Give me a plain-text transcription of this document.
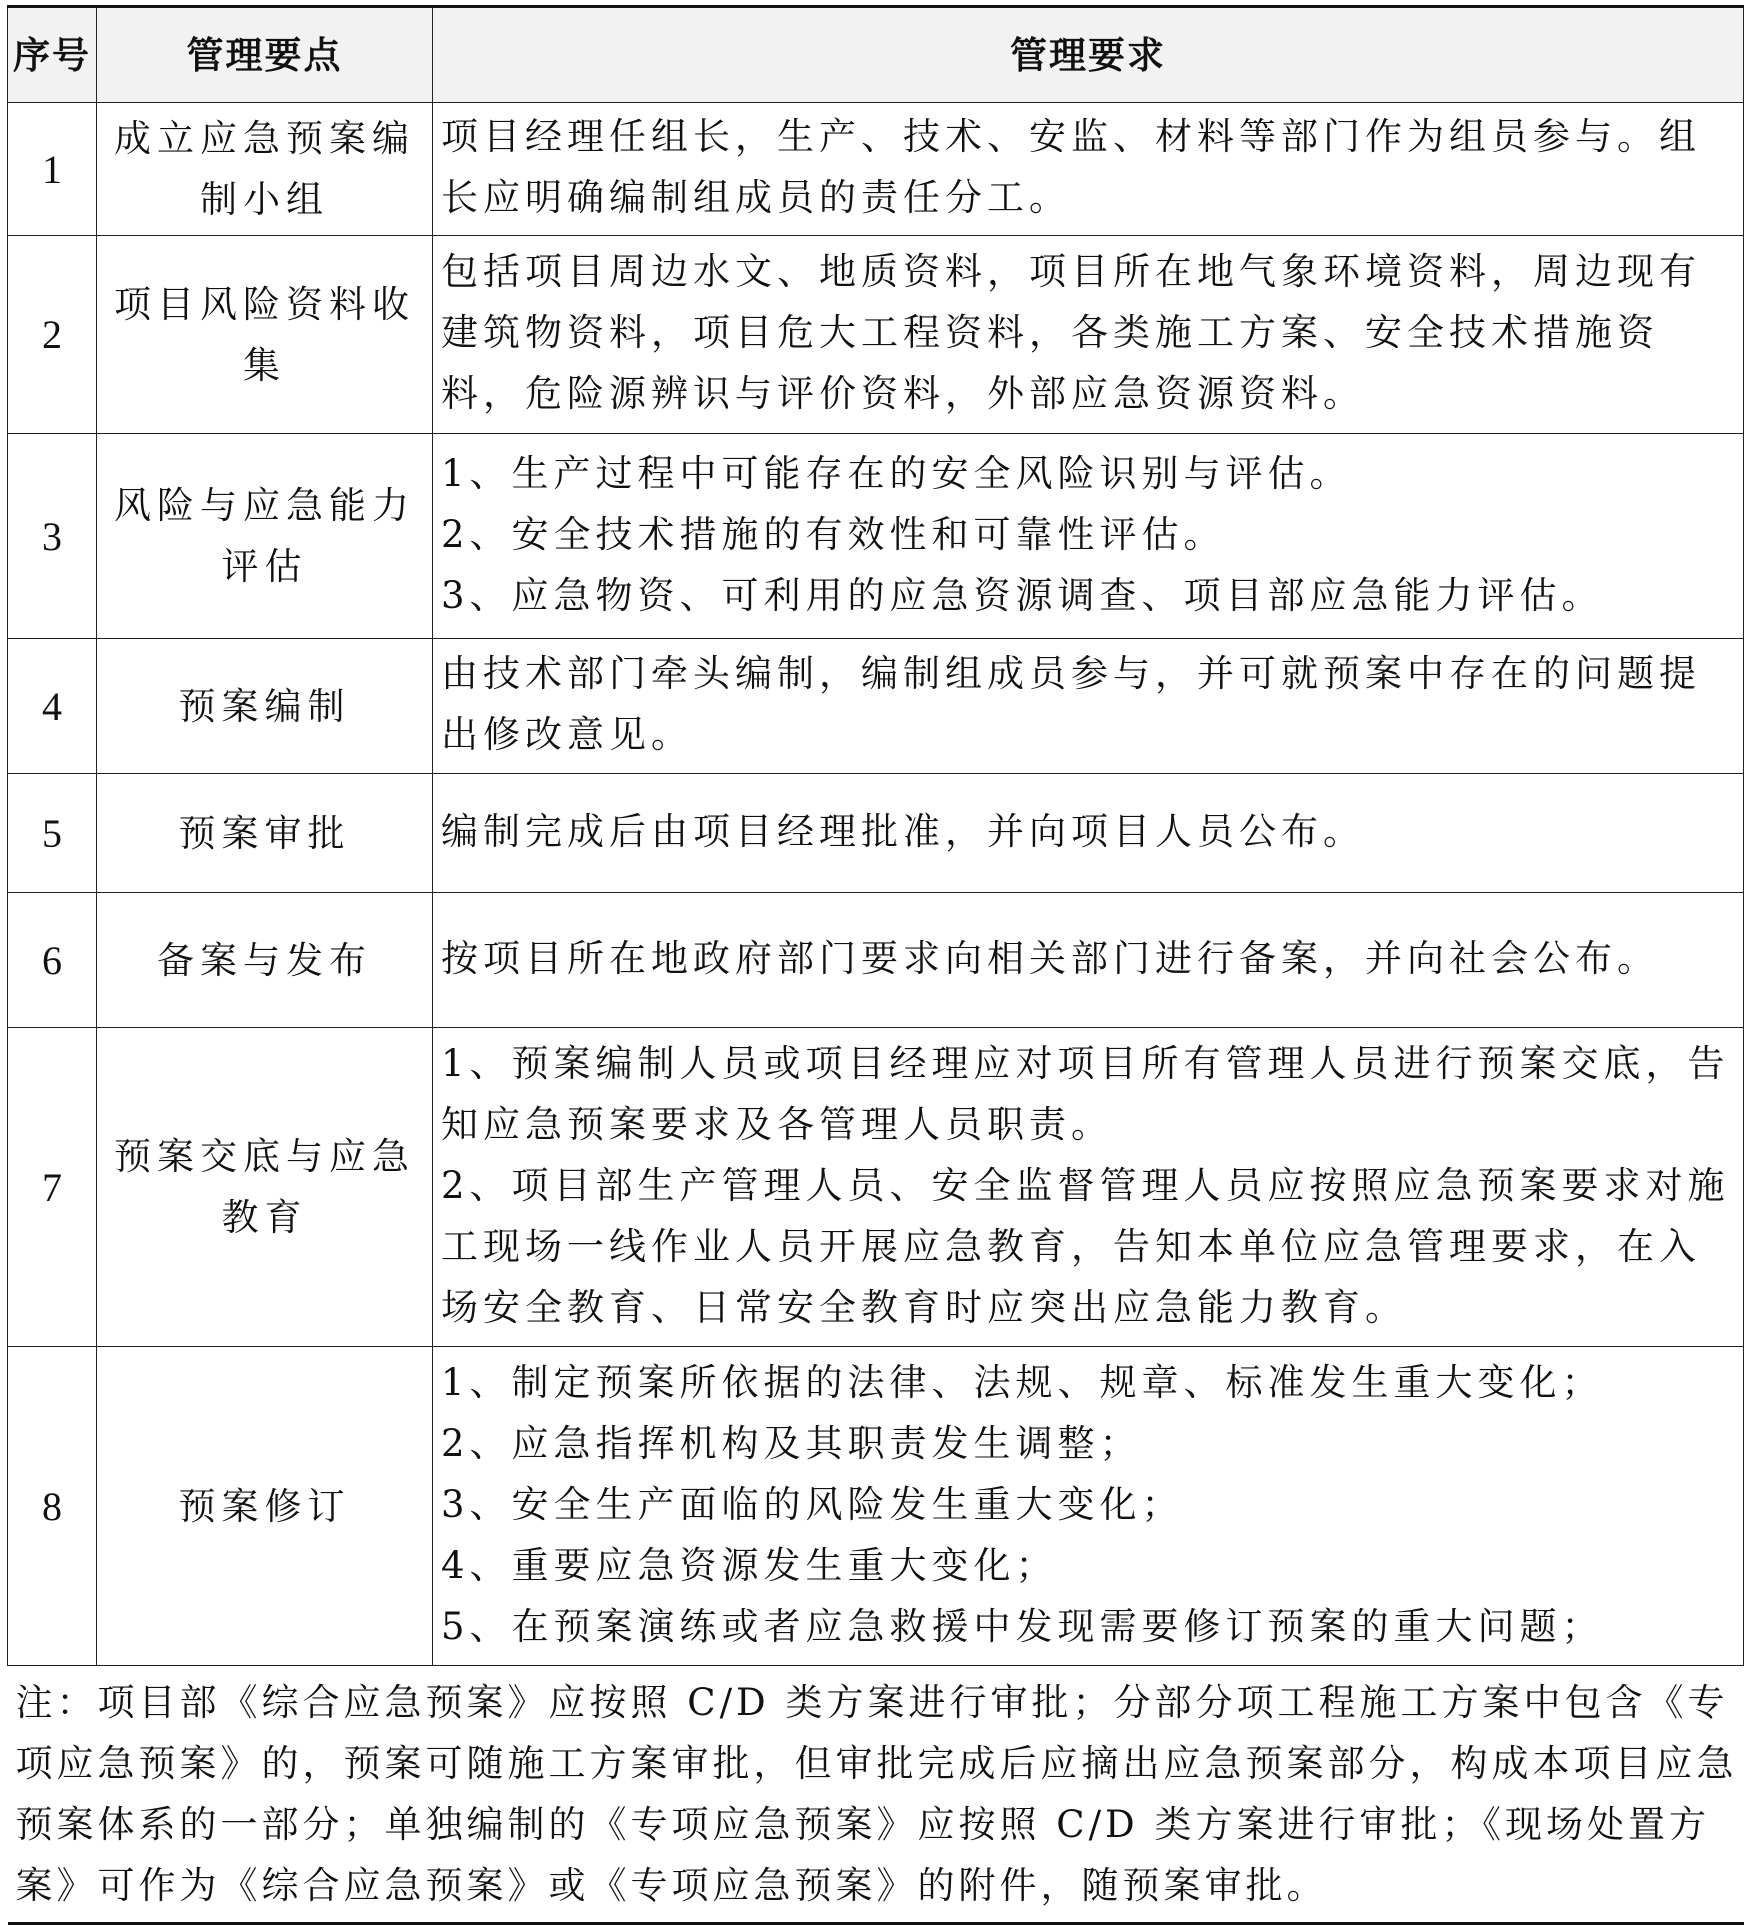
序号	管理要点	管理要求
1	成立应急预案编制小组	项目经理任组长，生产、技术、安监、材料等部门作为组员参与。组长应明确编制组成员的责任分工。

2	项目风险资料收集	包括项目周边水文、地质资料，项目所在地气象环境资料，周边现有建筑物资料，项目危大工程资料，各类施工方案、安全技术措施资料，危险源辨识与评价资料，外部应急资源资料。

3	风险与应急能力评估	1、生产过程中可能存在的安全风险识别与评估。
2、安全技术措施的有效性和可靠性评估。
3、应急物资、可利用的应急资源调查、项目部应急能力评估。

4	预案编制	由技术部门牵头编制，编制组成员参与，并可就预案中存在的问题提出修改意见。

5	预案审批	编制完成后由项目经理批准，并向项目人员公布。

6	备案与发布	按项目所在地政府部门要求向相关部门进行备案，并向社会公布。

7	预案交底与应急教育	1、预案编制人员或项目经理应对项目所有管理人员进行预案交底，告知应急预案要求及各管理人员职责。
2、项目部生产管理人员、安全监督管理人员应按照应急预案要求对施工现场一线作业人员开展应急教育，告知本单位应急管理要求，在入场安全教育、日常安全教育时应突出应急能力教育。

8	预案修订	1、制定预案所依据的法律、法规、规章、标准发生重大变化；
2、应急指挥机构及其职责发生调整；
3、安全生产面临的风险发生重大变化；
4、重要应急资源发生重大变化；
5、在预案演练或者应急救援中发现需要修订预案的重大问题；

注：项目部《综合应急预案》应按照 C/D 类方案进行审批；分部分项工程施工方案中包含《专项应急预案》的，预案可随施工方案审批，但审批完成后应摘出应急预案部分，构成本项目应急预案体系的一部分；单独编制的《专项应急预案》应按照 C/D 类方案进行审批；《现场处置方案》可作为《综合应急预案》或《专项应急预案》的附件，随预案审批。		
